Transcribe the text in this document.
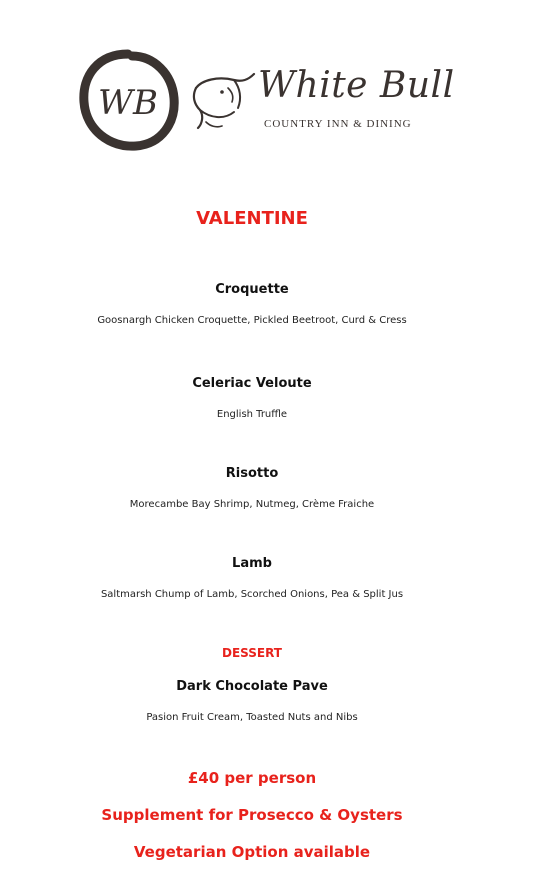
WB	White Bull
COUNTRY INN & DINING
VALENTINE
Croquette
Goosnargh Chicken Croquette, Pickled Beetroot, Curd & Cress
Celeriac Veloute
English Truffle
Risotto
Morecambe Bay Shrimp, Nutmeg, Crème Fraiche
Lamb
Saltmarsh Chump of Lamb, Scorched Onions, Pea & Split Jus
DESSERT
Dark Chocolate Pave
Pasion Fruit Cream, Toasted Nuts and Nibs
£40 per person
Supplement for Prosecco & Oysters
Vegetarian Option available
